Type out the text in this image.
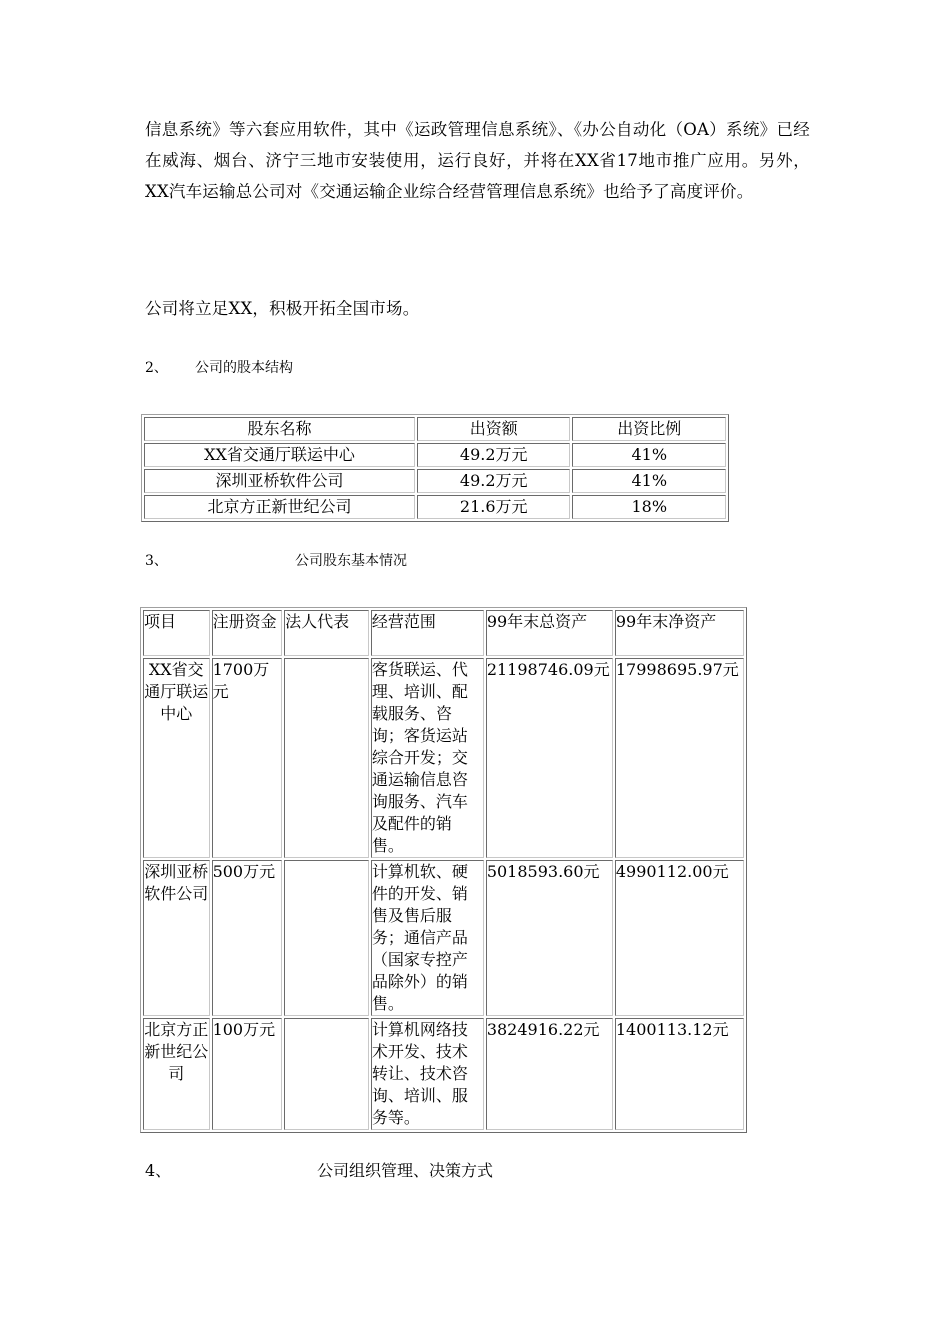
信息系统》等六套应用软件，其中《运政管理信息系统》、《办公自动化（OA）系统》已经在威海、烟台、济宁三地市安装使用，运行良好，并将在XX省17地市推广应用。另外，XX汽车运输总公司对《交通运输企业综合经营管理信息系统》也给予了高度评价。
公司将立足XX，积极开拓全国市场。
2、 公司的股本结构
股东名称	出资额	出资比例
XX省交通厅联运中心	49.2万元	41%
深圳亚桥软件公司	49.2万元	41%
北京方正新世纪公司	21.6万元	18%
3、	公司股东基本情况
项目	注册资金	法人代表	经营范围	99年末总资产	99年末净资产
XX省交通厅联运中心	1700万元		客货联运、代理、培训、配载服务、咨询；客货运站综合开发；交通运输信息咨询服务、汽车及配件的销售。	21198746.09元	17998695.97元
深圳亚桥软件公司	500万元		计算机软、硬件的开发、销售及售后服务；通信产品（国家专控产品除外）的销售。	5018593.60元	4990112.00元
北京方正新世纪公司	100万元		计算机网络技术开发、技术转让、技术咨询、培训、服务等。	3824916.22元	1400113.12元
4、	公司组织管理、决策方式
